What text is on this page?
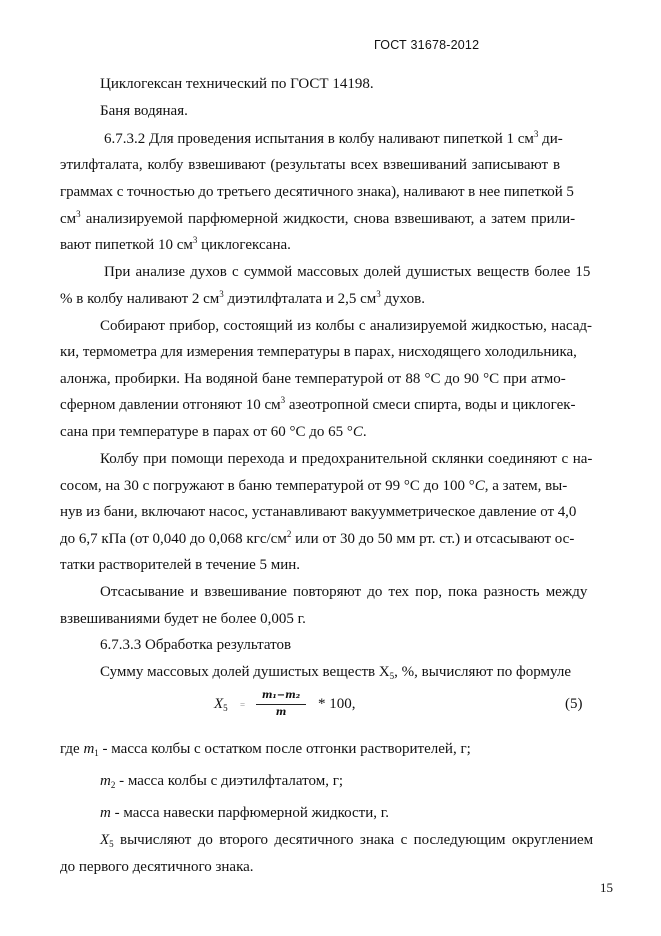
ГОСТ 31678-2012
Циклогексан технический по ГОСТ 14198.
Баня водяная.
6.7.3.2 Для проведения испытания в колбу наливают пипеткой 1 $см^3$ ди-
этилфталата, колбу взвешивают (результаты всех взвешиваний записывают в
граммах с точностью до третьего десятичного знака), наливают в нее пипеткой 5
$см^3$ анализируемой парфюмерной жидкости, снова взвешивают, а затем прили-
вают пипеткой 10 $см^3$ циклогексана.
При анализе духов с суммой массовых долей душистых веществ более 15
% в колбу наливают 2 $см^3$ диэтилфталата и 2,5 $см^3$ духов.
Собирают прибор, состоящий из колбы с анализируемой жидкостью, насад-
ки, термометра для измерения температуры в парах, нисходящего холодильника,
алонжа, пробирки. На водяной бане температурой от 88 °С до 90 °С при атмо-
сферном давлении отгоняют 10 $см^3$ азеотропной смеси спирта, воды и циклогек-
сана при температуре в парах от 60 °С до 65 °С.
Колбу при помощи перехода и предохранительной склянки соединяют с на-
сосом, на 30 с погружают в баню температурой от 99 °С до 100 °С, а затем, вы-
нув из бани, включают насос, устанавливают вакуумметрическое давление от 4,0
до 6,7 кПа (от 0,040 до 0,068 кгс/$см^2$ или от 30 до 50 мм рт. ст.) и отсасывают ос-
татки растворителей в течение 5 мин.
Отсасывание и взвешивание повторяют до тех пор, пока разность между
взвешиваниями будет не более 0,005 г.
6.7.3.3 Обработка результатов
Сумму массовых долей душистых веществ $Х_5$, %, вычисляют по формуле
$X_5$ =
m₁−m₂
m
* 100,	(5)
где $m_1$ - масса колбы с остатком после отгонки растворителей, г;
$m_2$ - масса колбы с диэтилфталатом, г;
m - масса навески парфюмерной жидкости, г.
$X_5$ вычисляют до второго десятичного знака с последующим округлением
до первого десятичного знака.
15
